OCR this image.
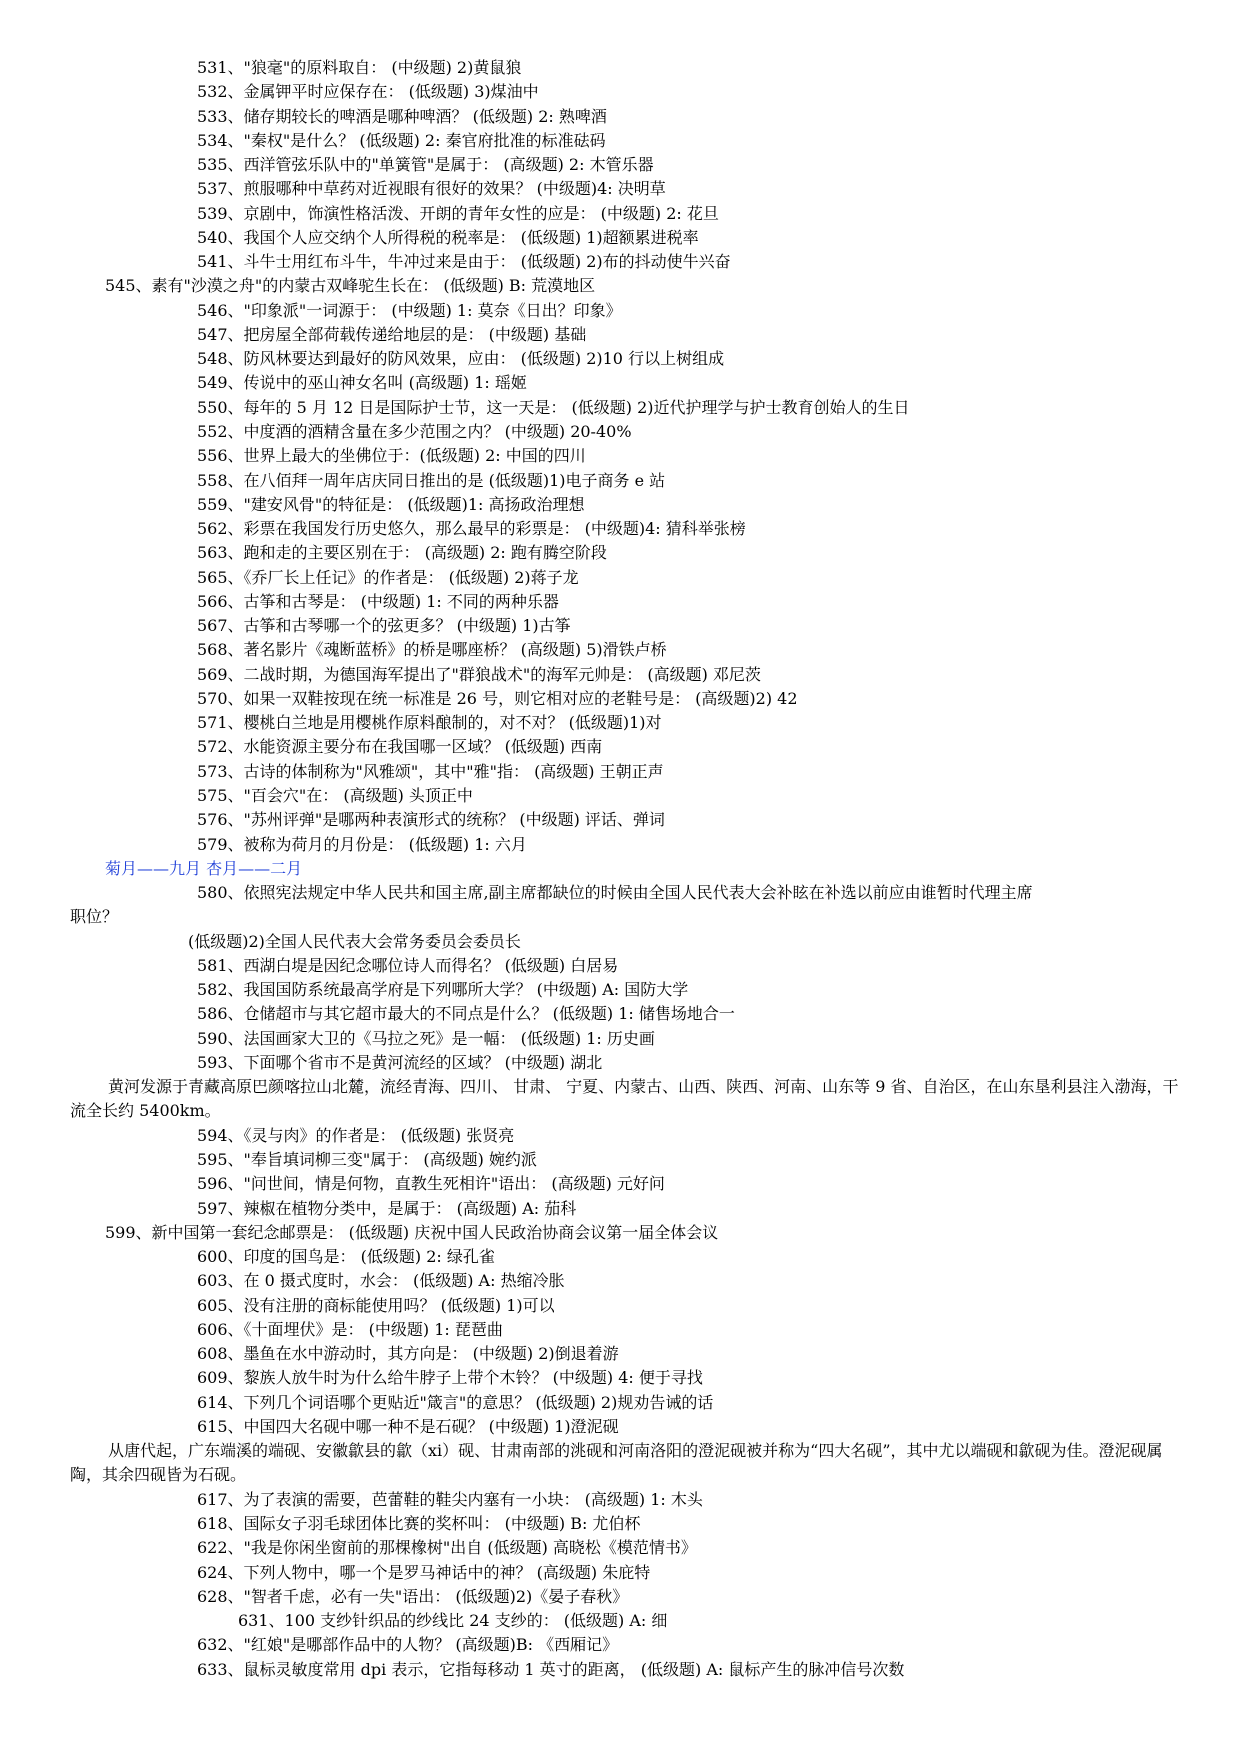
531、"狼毫"的原料取自： (中级题) 2)黄鼠狼
532、金属钾平时应保存在： (低级题) 3)煤油中
533、储存期较长的啤酒是哪种啤酒？ (低级题) 2: 熟啤酒
534、"秦权"是什么？ (低级题) 2: 秦官府批准的标准砝码
535、西洋管弦乐队中的"单簧管"是属于： (高级题) 2: 木管乐器
537、煎服哪种中草药对近视眼有很好的效果？ (中级题)4: 决明草
539、京剧中，饰演性格活泼、开朗的青年女性的应是： (中级题) 2: 花旦
540、我国个人应交纳个人所得税的税率是： (低级题) 1)超额累进税率
541、斗牛士用红布斗牛，牛冲过来是由于： (低级题) 2)布的抖动使牛兴奋
545、素有"沙漠之舟"的内蒙古双峰驼生长在： (低级题) B: 荒漠地区
546、"印象派"一词源于： (中级题) 1: 莫奈《日出？印象》
547、把房屋全部荷载传递给地层的是： (中级题) 基础
548、防风林要达到最好的防风效果，应由： (低级题) 2)10 行以上树组成
549、传说中的巫山神女名叫 (高级题) 1: 瑶姬
550、每年的 5 月 12 日是国际护士节，这一天是： (低级题) 2)近代护理学与护士教育创始人的生日
552、中度酒的酒精含量在多少范围之内？ (中级题) 20-40%
556、世界上最大的坐佛位于：(低级题) 2: 中国的四川
558、在八佰拜一周年店庆同日推出的是 (低级题)1)电子商务 e 站
559、"建安风骨"的特征是： (低级题)1: 高扬政治理想
562、彩票在我国发行历史悠久，那么最早的彩票是： (中级题)4: 猜科举张榜
563、跑和走的主要区别在于： (高级题) 2: 跑有腾空阶段
565、《乔厂长上任记》的作者是： (低级题) 2)蒋子龙
566、古筝和古琴是： (中级题) 1: 不同的两种乐器
567、古筝和古琴哪一个的弦更多？ (中级题) 1)古筝
568、著名影片《魂断蓝桥》的桥是哪座桥？ (高级题) 5)滑铁卢桥
569、二战时期，为德国海军提出了"群狼战术"的海军元帅是： (高级题) 邓尼茨
570、如果一双鞋按现在统一标准是 26 号，则它相对应的老鞋号是： (高级题)2) 42
571、樱桃白兰地是用樱桃作原料酿制的，对不对？ (低级题)1)对
572、水能资源主要分布在我国哪一区域？ (低级题) 西南
573、古诗的体制称为"风雅颂"，其中"雅"指： (高级题) 王朝正声
575、"百会穴"在： (高级题) 头顶正中
576、"苏州评弹"是哪两种表演形式的统称？ (中级题) 评话、弹词
579、被称为荷月的月份是： (低级题) 1: 六月
菊月——九月 杏月——二月
580、依照宪法规定中华人民共和国主席,副主席都缺位的时候由全国人民代表大会补眩在补选以前应由谁暂时代理主席
职位？
(低级题)2)全国人民代表大会常务委员会委员长
581、西湖白堤是因纪念哪位诗人而得名？ (低级题) 白居易
582、我国国防系统最高学府是下列哪所大学？ (中级题) A: 国防大学
586、仓储超市与其它超市最大的不同点是什么？ (低级题) 1: 储售场地合一
590、法国画家大卫的《马拉之死》是一幅： (低级题) 1: 历史画
593、下面哪个省市不是黄河流经的区域？ (中级题) 湖北
黄河发源于青藏高原巴颜喀拉山北麓，流经青海、四川、 甘肃、 宁夏、内蒙古、山西、陕西、河南、山东等 9 省、自治区，在山东垦利县注入渤海，干流全长约 5400km。
594、《灵与肉》的作者是： (低级题) 张贤亮
595、"奉旨填词柳三变"属于： (高级题) 婉约派
596、"问世间，情是何物，直教生死相许"语出： (高级题) 元好问
597、辣椒在植物分类中，是属于： (高级题) A: 茄科
599、新中国第一套纪念邮票是： (低级题) 庆祝中国人民政治协商会议第一届全体会议
600、印度的国鸟是： (低级题) 2: 绿孔雀
603、在 0 摄式度时，水会： (低级题) A: 热缩冷胀
605、没有注册的商标能使用吗？ (低级题) 1)可以
606、《十面埋伏》是： (中级题) 1: 琵琶曲
608、墨鱼在水中游动时，其方向是： (中级题) 2)倒退着游
609、黎族人放牛时为什么给牛脖子上带个木铃？ (中级题) 4: 便于寻找
614、下列几个词语哪个更贴近"箴言"的意思？ (低级题) 2)规劝告诫的话
615、中国四大名砚中哪一种不是石砚？ (中级题) 1)澄泥砚
从唐代起，广东端溪的端砚、安徽歙县的歙（xi）砚、甘肃南部的洮砚和河南洛阳的澄泥砚被并称为“四大名砚”，其中尤以端砚和歙砚为佳。澄泥砚属陶，其余四砚皆为石砚。
617、为了表演的需要，芭蕾鞋的鞋尖内塞有一小块： (高级题) 1: 木头
618、国际女子羽毛球团体比赛的奖杯叫： (中级题) B: 尤伯杯
622、"我是你闲坐窗前的那棵橡树"出自 (低级题) 高晓松《模范情书》
624、下列人物中，哪一个是罗马神话中的神？ (高级题) 朱庇特
628、"智者千虑，必有一失"语出： (低级题)2)《晏子春秋》
631、100 支纱针织品的纱线比 24 支纱的： (低级题) A: 细
632、"红娘"是哪部作品中的人物？ (高级题)B: 《西厢记》
633、鼠标灵敏度常用 dpi 表示，它指每移动 1 英寸的距离， (低级题) A: 鼠标产生的脉冲信号次数
